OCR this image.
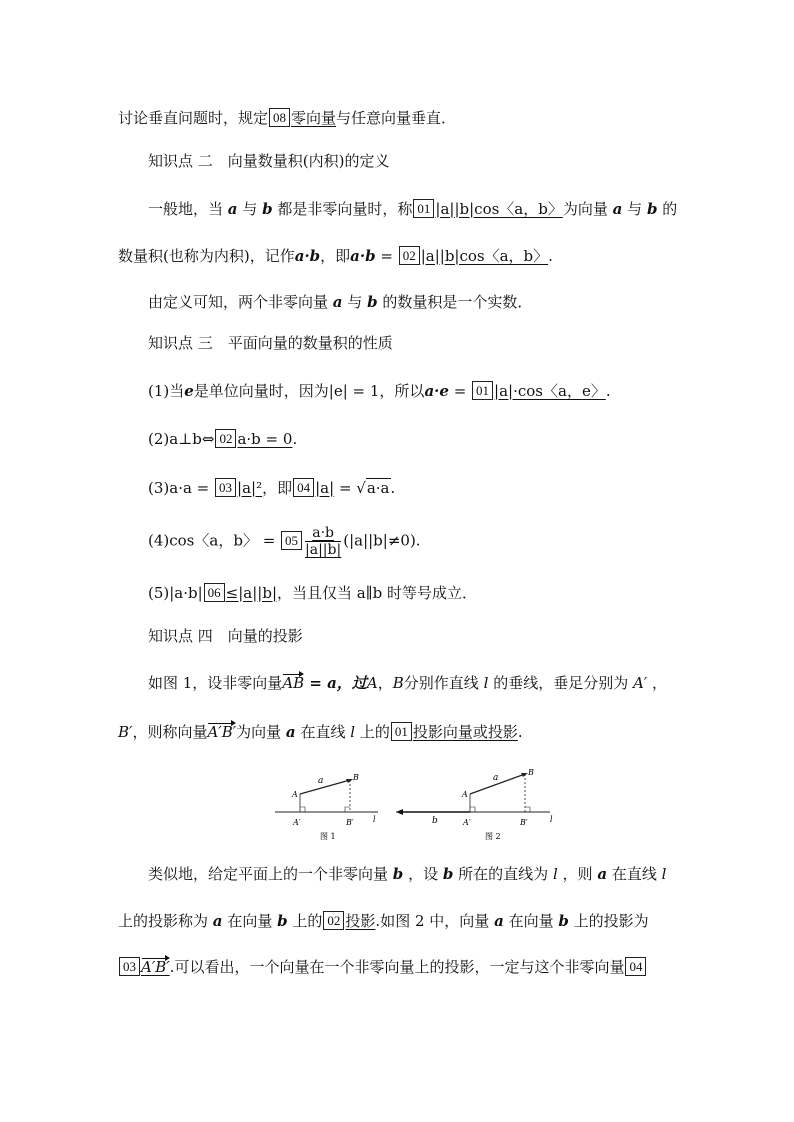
讨论垂直问题时，规定 08 零向量与任意向量垂直．
知识点 二　向量数量积(内积)的定义
一般地，当 a 与 b 都是非零向量时，称 01 |a||b|cos〈a，b〉为向量 a 与 b 的
数量积(也称为内积)，记作a·b，即a·b = 02 |a||b|cos〈a，b〉.
由定义可知，两个非零向量 a 与 b 的数量积是一个实数．
知识点 三　平面向量的数量积的性质
(1)当e是单位向量时，因为|e| = 1，所以a·e = 01 |a|·cos〈a，e〉.
(2)a⊥b⇔ 02 a·b = 0.
(3)a·a = 03 |a|²，即 04 |a| = √a·a.
(4)cos〈a，b〉 = $05 \frac{a\cdot b}{|a||b|} (|a||b|\ne 0)$.
(5)|a·b| 06 ≤|a||b|，当且仅当 a∥b 时等号成立．
知识点 四　向量的投影
如图 1，设非零向量AB = a，过A，B分别作直线 l 的垂线，垂足分别为 A′ ，
B′，则称向量A′B′为向量 a 在直线 l 上的 01 投影向量或投影.
a
A
B
A′	B′ l
图 1
a
b
A
B
A′	B′	l
图 2
类似地，给定平面上的一个非零向量 b ，设 b 所在的直线为 l ，则 a 在直线 l
上的投影称为 a 在向量 b 上的 02 投影.如图 2 中，向量 a 在向量 b 上的投影为
03 A′B′.可以看出，一个向量在一个非零向量上的投影，一定与这个非零向量 04
